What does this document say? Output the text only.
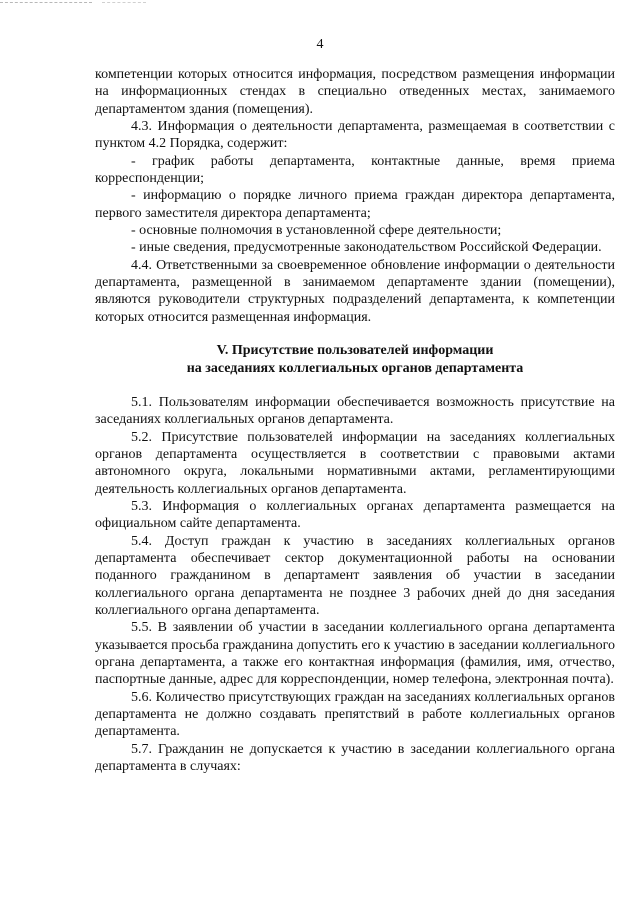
4

компетенции которых относится информация, посредством размещения информации на информационных стендах в специально отведенных местах, занимаемого департаментом здания (помещения).

4.3. Информация о деятельности департамента, размещаемая в соответствии с пунктом 4.2 Порядка, содержит:

- график работы департамента, контактные данные, время приема корреспонденции;

- информацию о порядке личного приема граждан директора департамента, первого заместителя директора департамента;

- основные полномочия в установленной сфере деятельности;

- иные сведения, предусмотренные законодательством Российской Федерации.

4.4. Ответственными за своевременное обновление информации о деятельности департамента, размещенной в занимаемом департаменте здании (помещении), являются руководители структурных подразделений департамента, к компетенции которых относится размещенная информация.

V. Присутствие пользователей информации
на заседаниях коллегиальных органов департамента

5.1. Пользователям информации обеспечивается возможность присутствие на заседаниях коллегиальных органов департамента.

5.2. Присутствие пользователей информации на заседаниях коллегиальных органов департамента осуществляется в соответствии с правовыми актами автономного округа, локальными нормативными актами, регламентирующими деятельность коллегиальных органов департамента.

5.3. Информация о коллегиальных органах департамента размещается на официальном сайте департамента.

5.4. Доступ граждан к участию в заседаниях коллегиальных органов департамента обеспечивает сектор документационной работы на основании поданного гражданином в департамент заявления об участии в заседании коллегиального органа департамента не позднее 3 рабочих дней до дня заседания коллегиального органа департамента.

5.5. В заявлении об участии в заседании коллегиального органа департамента указывается просьба гражданина допустить его к участию в заседании коллегиального органа департамента, а также его контактная информация (фамилия, имя, отчество, паспортные данные, адрес для корреспонденции, номер телефона, электронная почта).

5.6. Количество присутствующих граждан на заседаниях коллегиальных органов департамента не должно создавать препятствий в работе коллегиальных органов департамента.

5.7. Гражданин не допускается к участию в заседании коллегиального органа департамента в случаях:
